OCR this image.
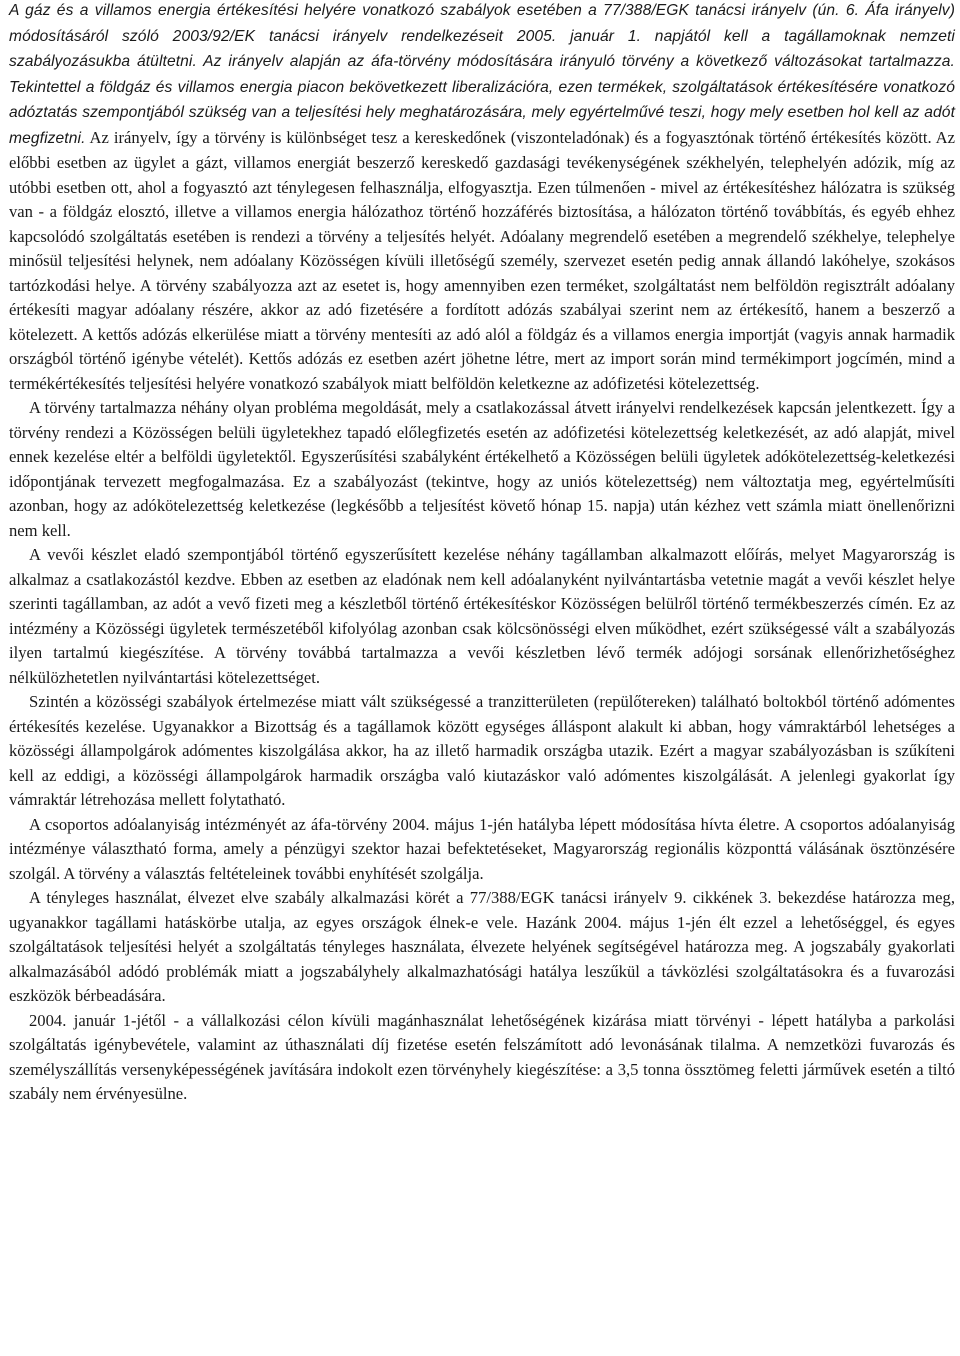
A gáz és a villamos energia értékesítési helyére vonatkozó szabályok esetében a 77/388/EGK tanácsi irányelv (ún. 6. Áfa irányelv) módosításáról szóló 2003/92/EK tanácsi irányelv rendelkezéseit 2005. január 1. napjától kell a tagállamoknak nemzeti szabályozásukba átültetni. Az irányelv alapján az áfa-törvény módosítására irányuló törvény a következő változásokat tartalmazza. Tekintettel a földgáz és villamos energia piacon bekövetkezett liberalizációra, ezen termékek, szolgáltatások értékesítésére vonatkozó adóztatás szempontjából szükség van a teljesítési hely meghatározására, mely egyértelművé teszi, hogy mely esetben hol kell az adót megfizetni. Az irányelv, így a törvény is különbséget tesz a kereskedőnek (viszonteladónak) és a fogyasztónak történő értékesítés között. Az előbbi esetben az ügylet a gázt, villamos energiát beszerző kereskedő gazdasági tevékenységének székhelyén, telephelyén adózik, míg az utóbbi esetben ott, ahol a fogyasztó azt ténylegesen felhasználja, elfogyasztja. Ezen túlmenően - mivel az értékesítéshez hálózatra is szükség van - a földgáz elosztó, illetve a villamos energia hálózathoz történő hozzáférés biztosítása, a hálózaton történő továbbítás, és egyéb ehhez kapcsolódó szolgáltatás esetében is rendezi a törvény a teljesítés helyét. Adóalany megrendelő esetében a megrendelő székhelye, telephelye minősül teljesítési helynek, nem adóalany Közösségen kívüli illetőségű személy, szervezet esetén pedig annak állandó lakóhelye, szokásos tartózkodási helye. A törvény szabályozza azt az esetet is, hogy amennyiben ezen terméket, szolgáltatást nem belföldön regisztrált adóalany értékesíti magyar adóalany részére, akkor az adó fizetésére a fordított adózás szabályai szerint nem az értékesítő, hanem a beszerző a kötelezett. A kettős adózás elkerülése miatt a törvény mentesíti az adó alól a földgáz és a villamos energia importját (vagyis annak harmadik országból történő igénybe vételét). Kettős adózás ez esetben azért jöhetne létre, mert az import során mind termékimport jogcímén, mind a termékértékesítés teljesítési helyére vonatkozó szabályok miatt belföldön keletkezne az adófizetési kötelezettség.

A törvény tartalmazza néhány olyan probléma megoldását, mely a csatlakozással átvett irányelvi rendelkezések kapcsán jelentkezett. Így a törvény rendezi a Közösségen belüli ügyletekhez tapadó előlegfizetés esetén az adófizetési kötelezettség keletkezését, az adó alapját, mivel ennek kezelése eltér a belföldi ügyletektől. Egyszerűsítési szabályként értékelhető a Közösségen belüli ügyletek adókötelezettség-keletkezési időpontjának tervezett megfogalmazása. Ez a szabályozást (tekintve, hogy az uniós kötelezettség) nem változtatja meg, egyértelműsíti azonban, hogy az adókötelezettség keletkezése (legkésőbb a teljesítést követő hónap 15. napja) után kézhez vett számla miatt önellenőrizni nem kell.

A vevői készlet eladó szempontjából történő egyszerűsített kezelése néhány tagállamban alkalmazott előírás, melyet Magyarország is alkalmaz a csatlakozástól kezdve. Ebben az esetben az eladónak nem kell adóalanyként nyilvántartásba vetetnie magát a vevői készlet helye szerinti tagállamban, az adót a vevő fizeti meg a készletből történő értékesítéskor Közösségen belülről történő termékbeszerzés címén. Ez az intézmény a Közösségi ügyletek természetéből kifolyólag azonban csak kölcsönösségi elven működhet, ezért szükségessé vált a szabályozás ilyen tartalmú kiegészítése. A törvény továbbá tartalmazza a vevői készletben lévő termék adójogi sorsának ellenőrizhetőséghez nélkülözhetetlen nyilvántartási kötelezettséget.

Szintén a közösségi szabályok értelmezése miatt vált szükségessé a tranzitterületen (repülőtereken) található boltokból történő adómentes értékesítés kezelése. Ugyanakkor a Bizottság és a tagállamok között egységes álláspont alakult ki abban, hogy vámraktárból lehetséges a közösségi állampolgárok adómentes kiszolgálása akkor, ha az illető harmadik országba utazik. Ezért a magyar szabályozásban is szűkíteni kell az eddigi, a közösségi állampolgárok harmadik országba való kiutazáskor való adómentes kiszolgálását. A jelenlegi gyakorlat így vámraktár létrehozása mellett folytatható.

A csoportos adóalanyiság intézményét az áfa-törvény 2004. május 1-jén hatályba lépett módosítása hívta életre. A csoportos adóalanyiság intézménye választható forma, amely a pénzügyi szektor hazai befektetéseket, Magyarország regionális központtá válásának ösztönzésére szolgál. A törvény a választás feltételeinek további enyhítését szolgálja.

A tényleges használat, élvezet elve szabály alkalmazási körét a 77/388/EGK tanácsi irányelv 9. cikkének 3. bekezdése határozza meg, ugyanakkor tagállami hatáskörbe utalja, az egyes országok élnek-e vele. Hazánk 2004. május 1-jén élt ezzel a lehetőséggel, és egyes szolgáltatások teljesítési helyét a szolgáltatás tényleges használata, élvezete helyének segítségével határozza meg. A jogszabály gyakorlati alkalmazásából adódó problémák miatt a jogszabályhely alkalmazhatósági hatálya leszűkül a távközlési szolgáltatásokra és a fuvarozási eszközök bérbeadására.

2004. január 1-jétől - a vállalkozási célon kívüli magánhasználat lehetőségének kizárása miatt törvényi - lépett hatályba a parkolási szolgáltatás igénybevétele, valamint az úthasználati díj fizetése esetén felszámított adó levonásának tilalma. A nemzetközi fuvarozás és személyszállítás versenyképességének javítására indokolt ezen törvényhely kiegészítése: a 3,5 tonna össztömeg feletti járművek esetén a tiltó szabály nem érvényesülne.
